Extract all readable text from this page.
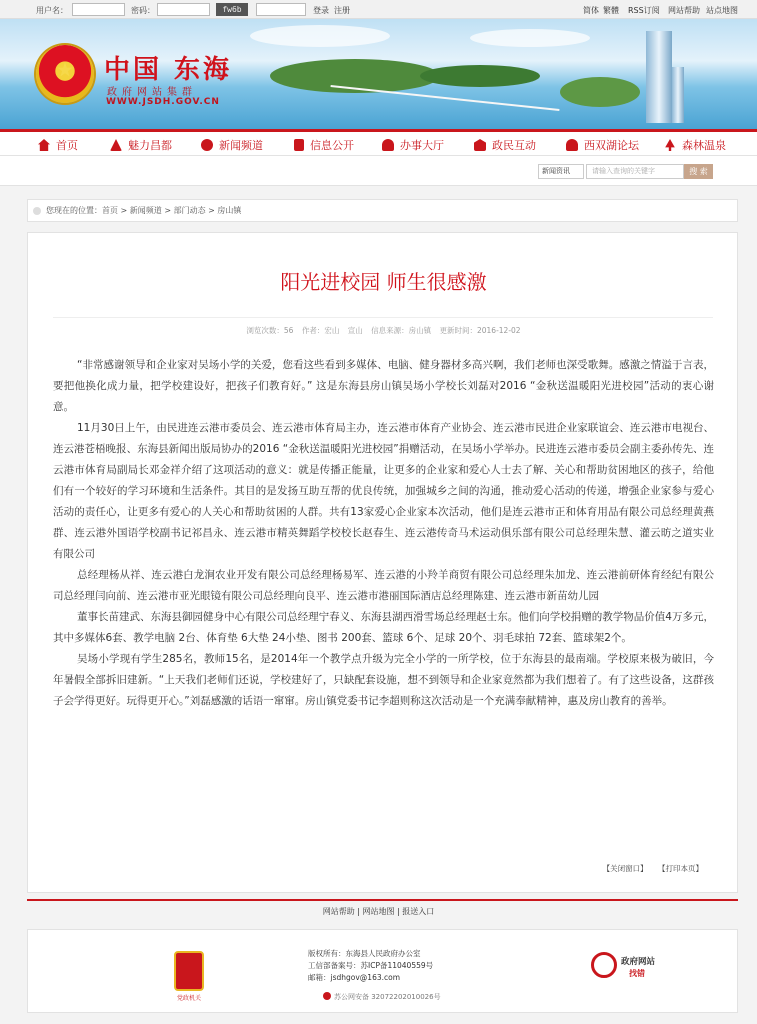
用户名：	密码：	fw6b	登录 注册	简体 繁體 RSS订阅 网站帮助 站点地图
中国 东海
政府网站集群
WWW.JSDH.GOV.CN
首页	魅力昌都	新闻频道	信息公开	办事大厅	政民互动	西双湖论坛	森林温泉
新闻资讯	请输入查询的关键字	搜 索
您现在的位置：首页 > 新闻频道 > 部门动态 > 房山镇
阳光进校园 师生很感激
浏览次数：56 作者：宏山 宣山 信息来源：房山镇 更新时间：2016-12-02

“非常感谢领导和企业家对吴场小学的关爱，您看这些看到多媒体、电脑、健身器材多高兴啊，我们老师也深受歌舞。感激之情溢于言表，要把他换化成力量，把学校建设好，把孩子们教育好。” 这是东海县房山镇吴场小学校长刘磊对2016 “金秋送温暖阳光进校园”活动的衷心谢意。

11月30日上午，由民进连云港市委员会、连云港市体育局主办，连云港市体育产业协会、连云港市民进企业家联谊会、连云港市电视台、连云港苍梧晚报、东海县新闻出版局协办的2016 “金秋送温暖阳光进校园”捐赠活动，在吴场小学举办。民进连云港市委员会副主委孙传先、连云港市体育局副局长邓金祥介绍了这项活动的意义：就是传播正能量，让更多的企业家和爱心人士去了解、关心和帮助贫困地区的孩子，给他们有一个较好的学习环境和生活条件。其目的是发扬互助互帮的优良传统，加强城乡之间的沟通，推动爱心活动的传递，增强企业家参与爱心活动的责任心，让更多有爱心的人关心和帮助贫困的人群。共有13家爱心企业家本次活动，他们是连云港市正和体育用品有限公司总经理黄燕群、连云港外国语学校副书记祁昌永、连云港市精英舞蹈学校校长赵春生、连云港传奇马术运动俱乐部有限公司总经理朱慧、灌云昉之道实业有限公司

总经理杨从祥、连云港白龙涧农业开发有限公司总经理杨易军、连云港的小羚羊商贸有限公司总经理朱加龙、连云港前研体育经纪有限公司总经理闫向前、连云港市亚光眼镜有限公司总经理向良平、连云港市港丽国际酒店总经理陈建、连云港市新苗幼儿园

董事长苗建武、东海县御园健身中心有限公司总经理宁春义、东海县湖西滑雪场总经理赵士东。他们向学校捐赠的教学物品价值4万多元，其中多媒体6套、教学电脑 2台、体育垫 6大垫 24小垫、图书 200套、篮球 6个、足球 20个、羽毛球拍 72套、篮球架2个。

吴场小学现有学生285名，教师15名，是2014年一个教学点升级为完全小学的一所学校，位于东海县的最南端。学校原来极为破旧，今年暑假全部拆旧建新。“上天我们老师们还说，学校建好了，只缺配套设施，想不到领导和企业家竟然都为我们想着了。有了这些设备，这群孩子会学得更好。玩得更开心。”刘磊感激的话语一窜窜。房山镇党委书记李超则称这次活动是一个充满奉献精神，惠及房山教育的善举。

【关闭窗口】 【打印本页】
网站帮助 | 网站地图 | 报送入口
党政机关
版权所有：东海县人民政府办公室
工信部备案号：苏ICP备11040559号
邮箱：jsdhgov@163.com
苏公网安备 32072202010026号
政府网站
找错
